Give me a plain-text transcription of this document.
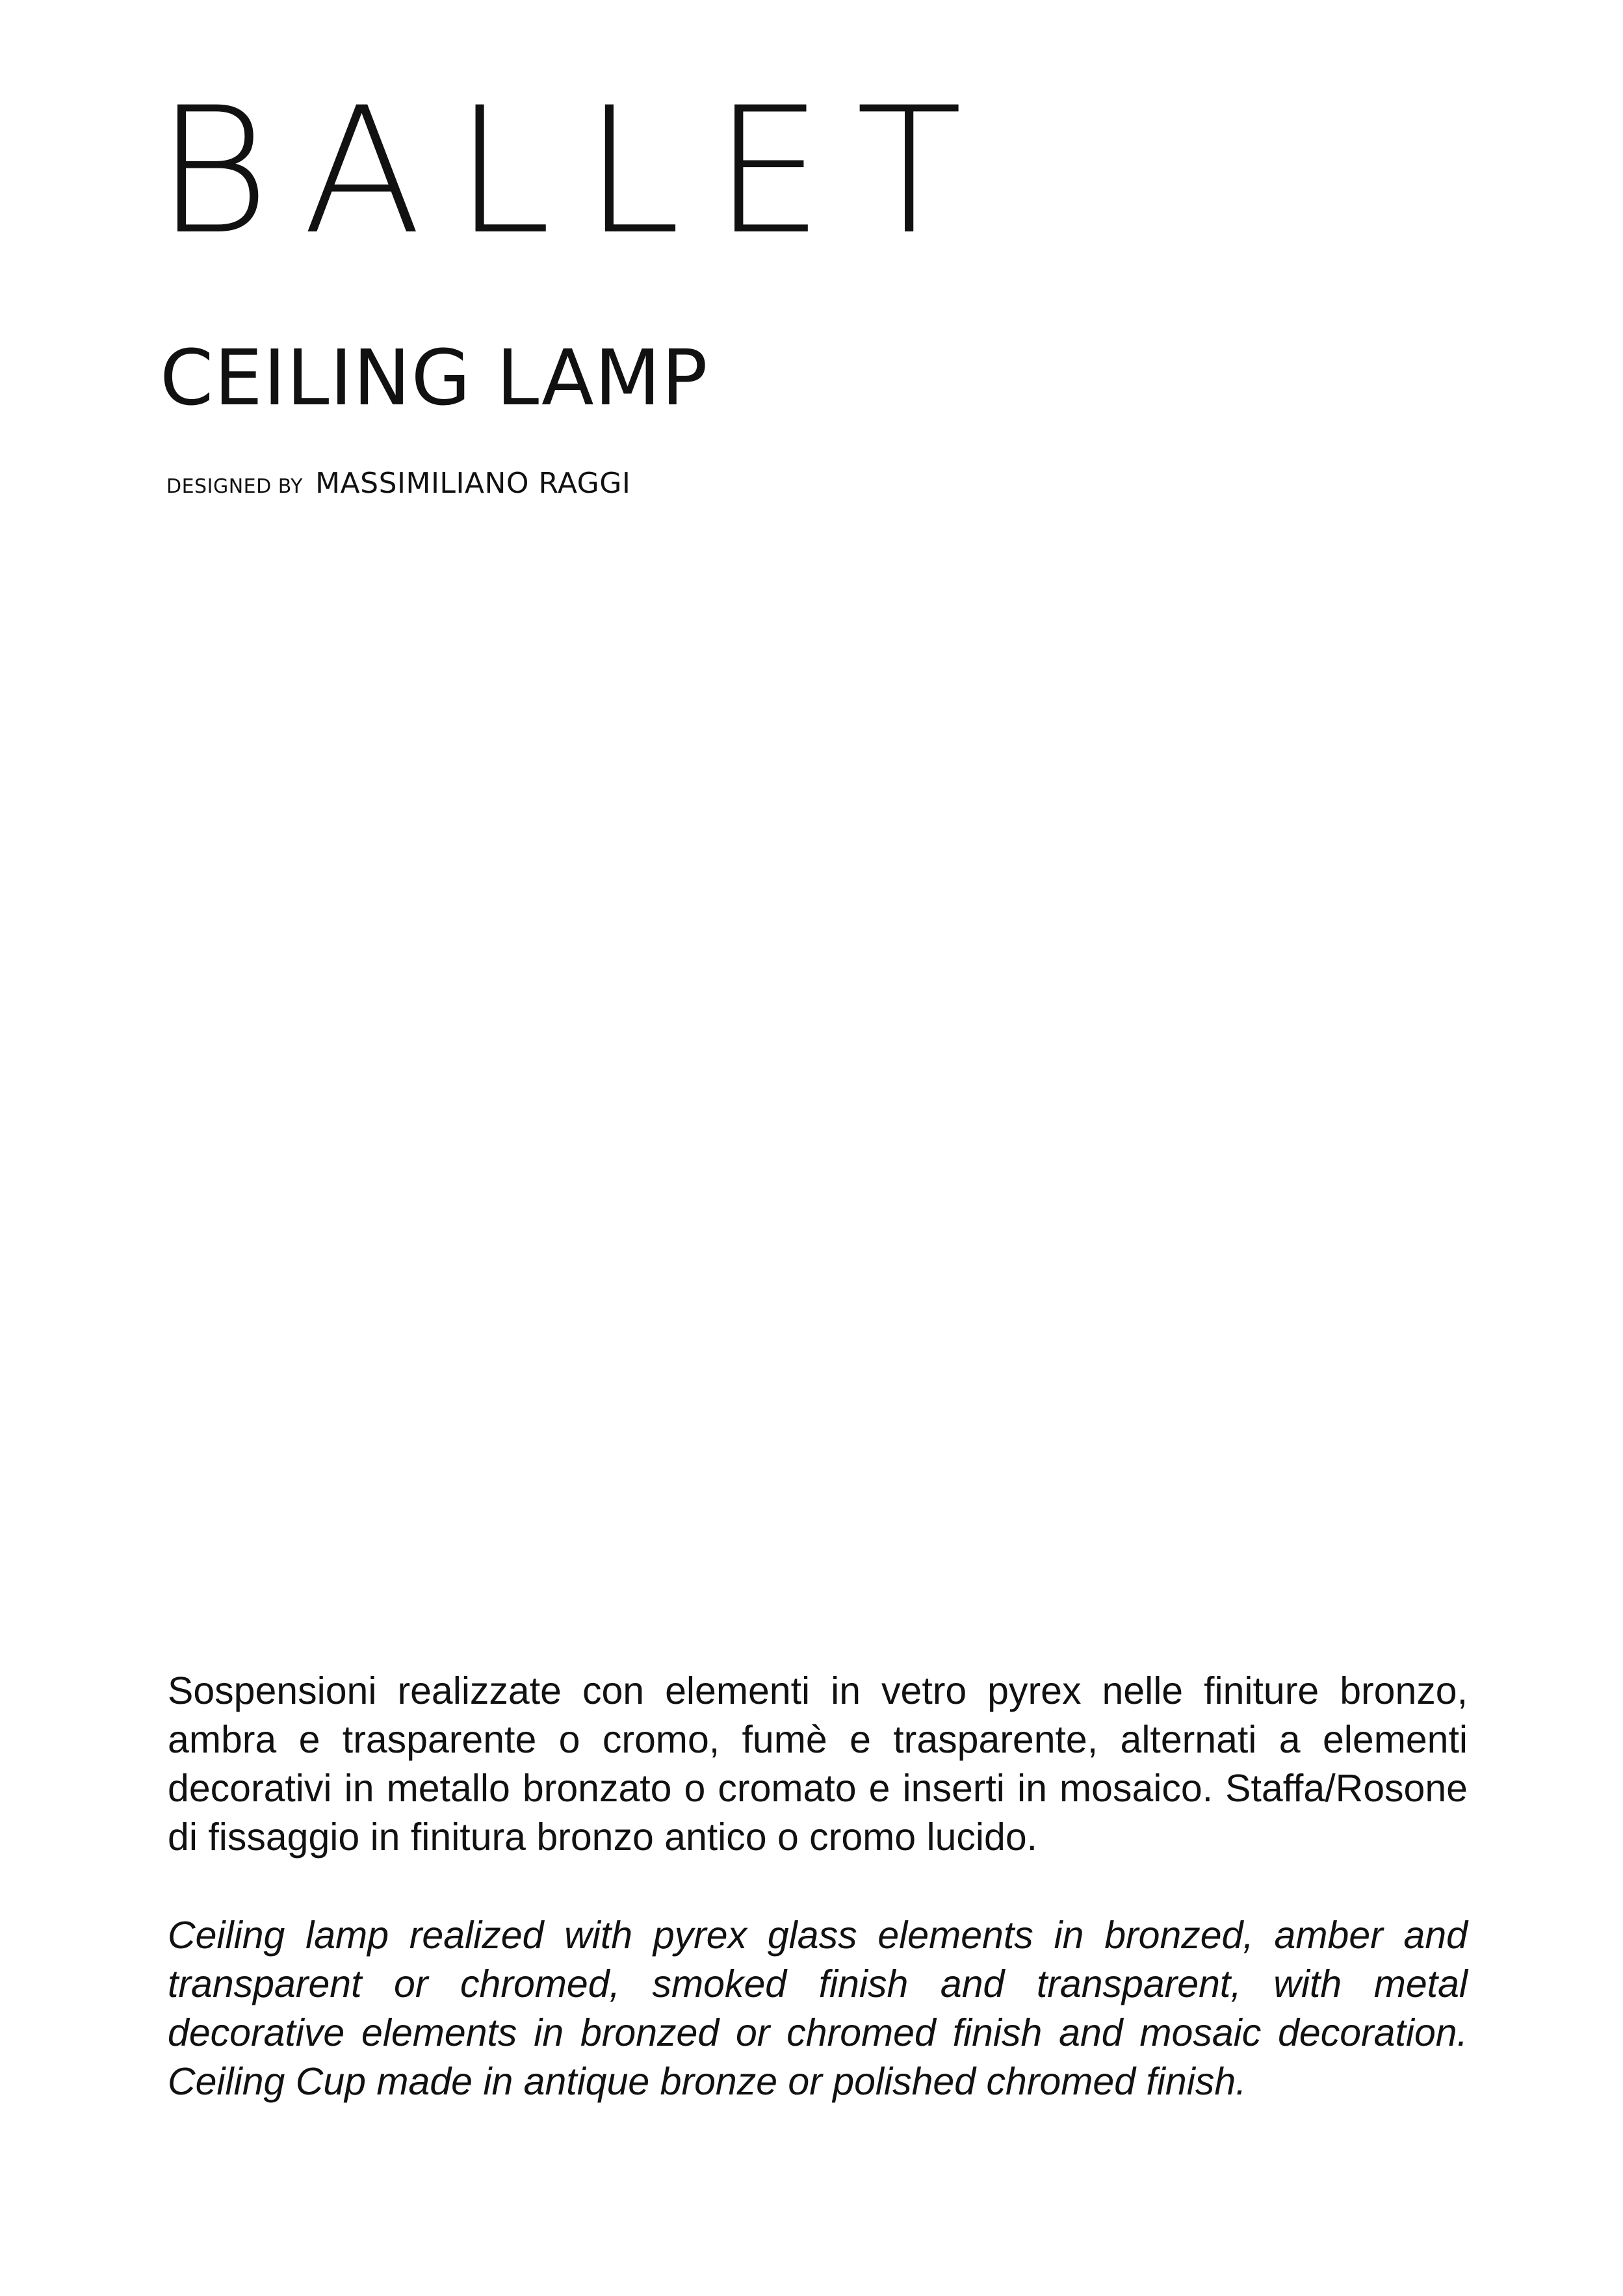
BALLET
CEILING LAMP
DESIGNED BY MASSIMILIANO RAGGI

Sospensioni realizzate con elementi in vetro pyrex nelle finiture bronzo, ambra e trasparente o cromo, fumè e trasparente, alternati a elementi decorativi in metallo bronzato o cromato e inserti in mosaico. Staffa/Rosone di fissaggio in finitura bronzo antico o cromo lucido.

Ceiling lamp realized with pyrex glass elements in bronzed, amber and transparent or chromed, smoked finish and transparent, with metal decorative elements in bronzed or chromed finish and mosaic decoration. Ceiling Cup made in antique bronze or polished chromed finish.
